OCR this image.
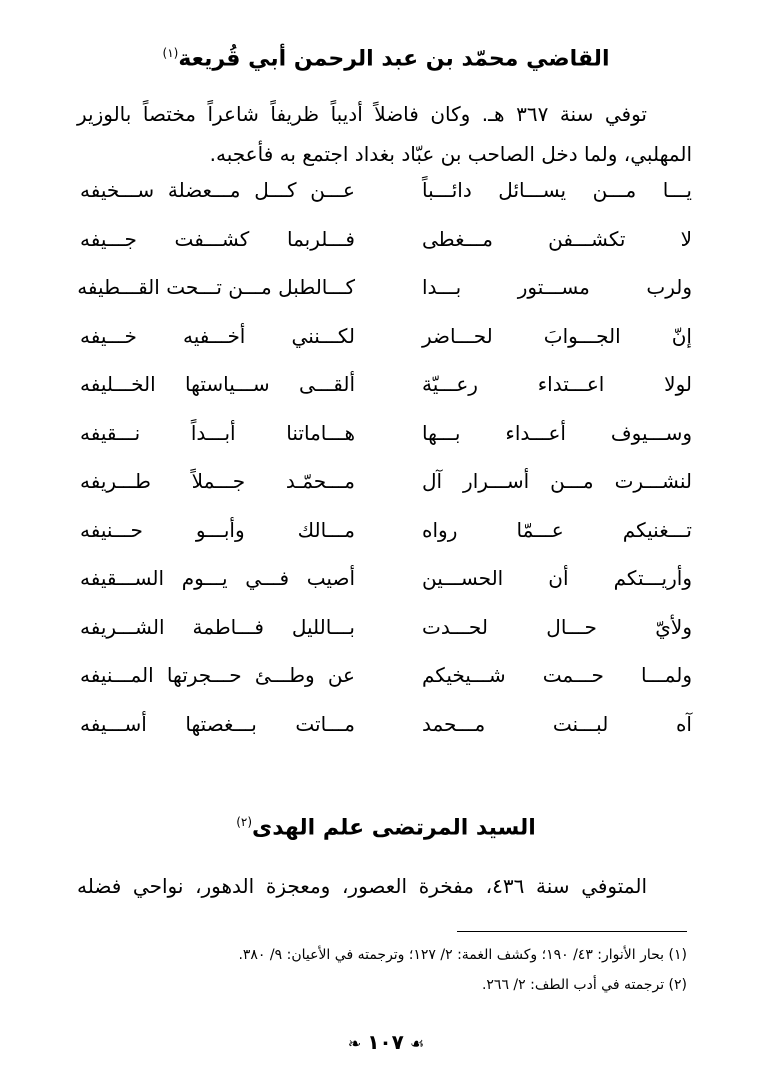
القاضي محمّد بن عبد الرحمن أبي قُريعة$^{(١)}$
توفي سنة ٣٦٧ هـ. وكان فاضلاً أديباً ظريفاً شاعراً مختصاً بالوزير
المهلبي، ولما دخل الصاحب بن عبّاد بغداد اجتمع به فأعجبه.
يـــا مـــن يســـائل دائـــباً
عـــن كـــل مـــعضلة ســـخيفه
لا تكشـــفن مـــغطى
فـــلربما كشـــفت جـــيفه
ولرب مســـتور بـــدا
كـــالطبل مـــن تـــحت القـــطيفه
إنّ الجـــوابَ لحـــاضر
لكـــنني أخـــفيه خـــيفه
لولا اعـــتداء رعـــيّة
ألقـــى ســـياستها الخـــليفه
وســـيوف أعـــداء بـــها
هـــاماتنا أبـــداً نـــقيفه
لنشـــرت مـــن أســـرار آل
مـــحمّـد جـــملاً طـــريفه
تـــغنيكم عـــمّا رواه
مـــالك وأبـــو حـــنيفه
وأريـــتكم أن الحســـين
أصيب فـــي يـــوم الســـقيفه
ولأيّ حـــال لحـــدت
بـــالليل فـــاطمة الشـــريفه
ولمـــا حـــمت شـــيخيكم
عن وطـــئ حـــجرتها المـــنيفه
آه لبـــنت مـــحمد
مـــاتت بـــغصتها أســـيفه
السيد المرتضى علم الهدى$^{(٢)}$
المتوفي سنة ٤٣٦، مفخرة العصور، ومعجزة الدهور، نواحي فضله
(١) بحار الأنوار: ٤٣/ ١٩٠؛ وكشف الغمة: ٢/ ١٢٧؛ وترجمته في الأعيان: ٩/ ٣٨٠.
(٢) ترجمته في أدب الطف: ٢/ ٢٦٦.
☙١٠٧❧
